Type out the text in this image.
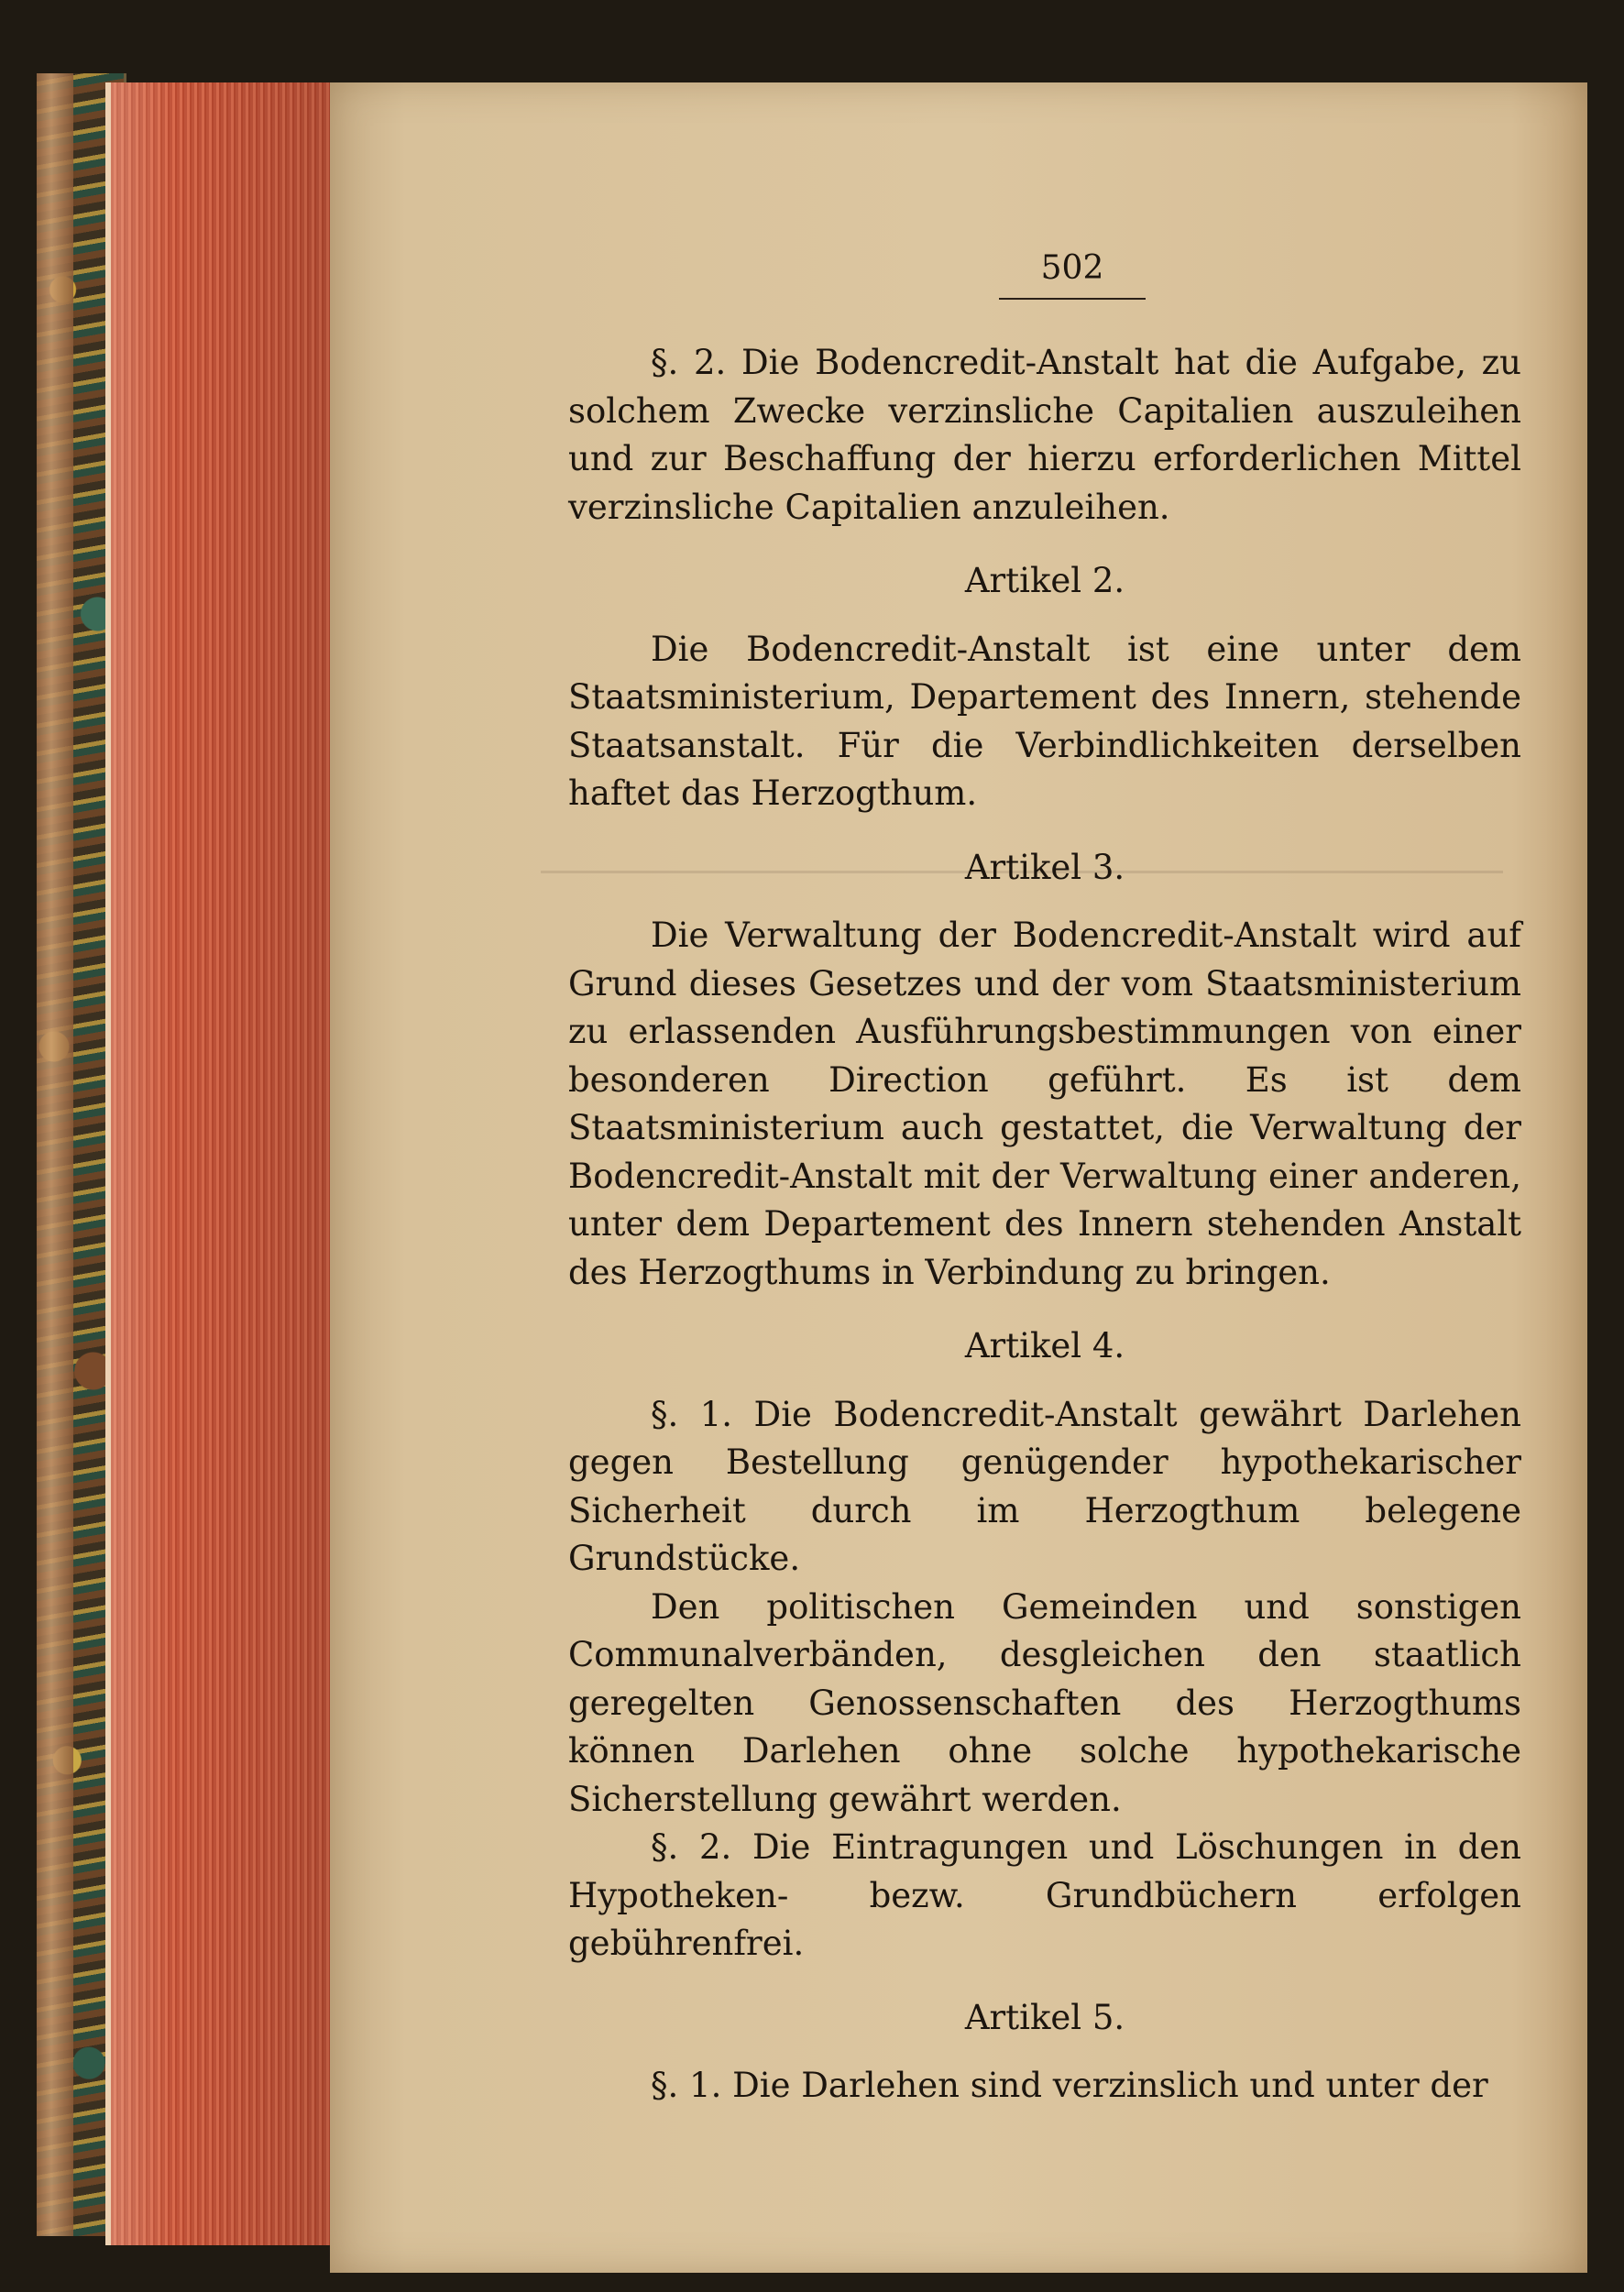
502

§. 2. Die Bodencredit-Anstalt hat die Aufgabe, zu solchem Zwecke verzinsliche Capitalien auszuleihen und zur Beschaffung der hierzu erforderlichen Mittel verzinsliche Capitalien anzuleihen.

Artikel 2.

Die Bodencredit-Anstalt ist eine unter dem Staatsministerium, Departement des Innern, stehende Staatsanstalt. Für die Verbindlichkeiten derselben haftet das Herzogthum.

Artikel 3.

Die Verwaltung der Bodencredit-Anstalt wird auf Grund dieses Gesetzes und der vom Staatsministerium zu erlassenden Ausführungsbestimmungen von einer besonderen Direction geführt. Es ist dem Staatsministerium auch gestattet, die Verwaltung der Bodencredit-Anstalt mit der Verwaltung einer anderen, unter dem Departement des Innern stehenden Anstalt des Herzogthums in Verbindung zu bringen.

Artikel 4.

§. 1. Die Bodencredit-Anstalt gewährt Darlehen gegen Bestellung genügender hypothekarischer Sicherheit durch im Herzogthum belegene Grundstücke.

Den politischen Gemeinden und sonstigen Communalverbänden, desgleichen den staatlich geregelten Genossenschaften des Herzogthums können Darlehen ohne solche hypothekarische Sicherstellung gewährt werden.

§. 2. Die Eintragungen und Löschungen in den Hypotheken- bezw. Grundbüchern erfolgen gebührenfrei.

Artikel 5.

§. 1. Die Darlehen sind verzinslich und unter der
